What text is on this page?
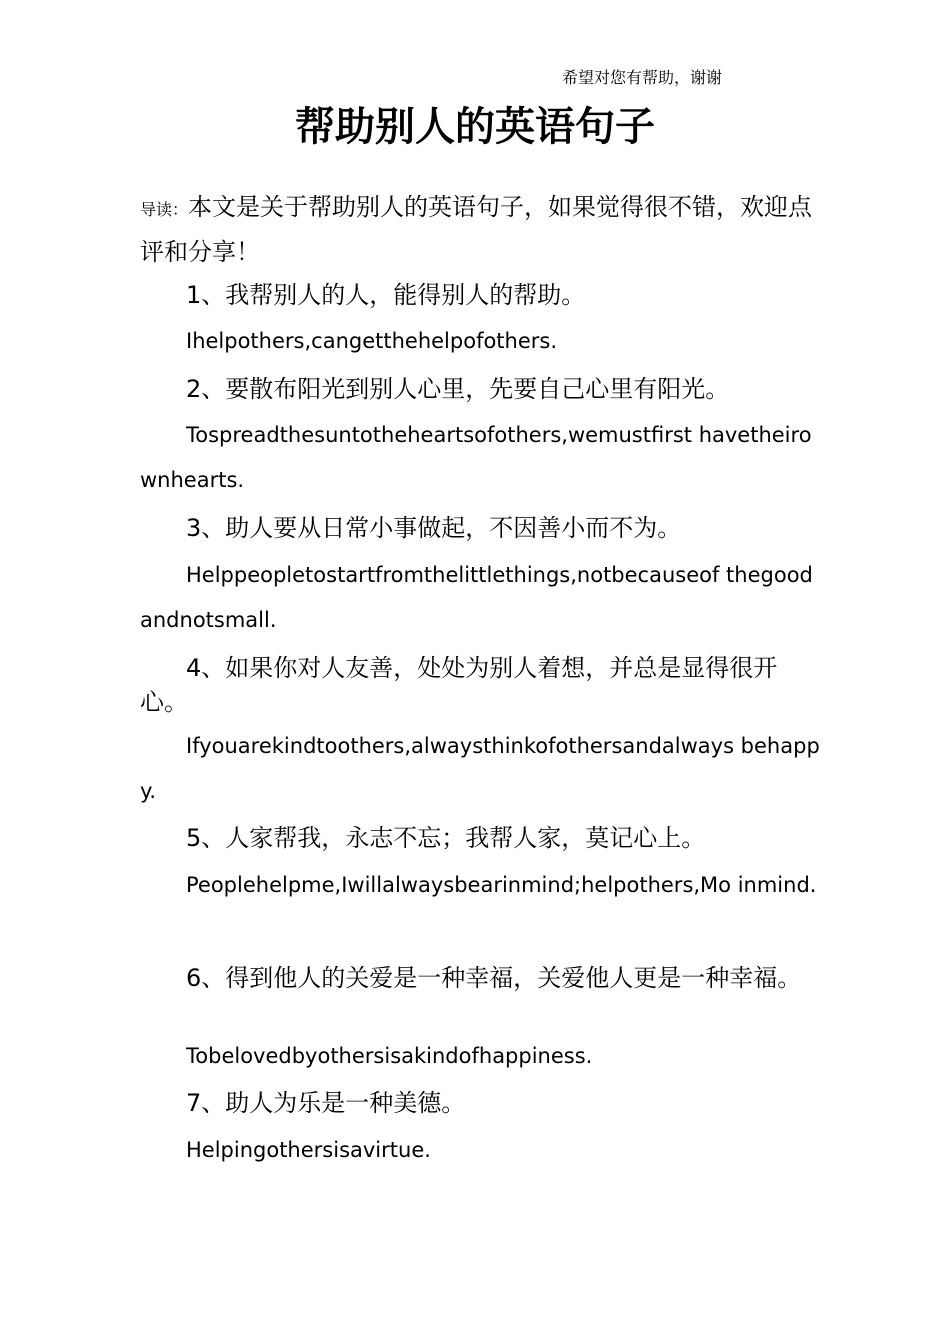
希望对您有帮助，谢谢
帮助别人的英语句子
导读：本文是关于帮助别人的英语句子，如果觉得很不错，欢迎点评和分享！
1、我帮别人的人，能得别人的帮助。
Ihelpothers,cangetthehelpofothers.
2、要散布阳光到别人心里，先要自己心里有阳光。
Tospreadthesuntotheheartsofothers,wemustfirst havetheirownhearts.
3、助人要从日常小事做起，不因善小而不为。
Helppeopletostartfromthelittlethings,notbecauseof thegoodandnotsmall.
4、如果你对人友善，处处为别人着想，并总是显得很开心。
Ifyouarekindtoothers,alwaysthinkofothersandalways behappy.
5、人家帮我，永志不忘；我帮人家，莫记心上。
Peoplehelpme,Iwillalwaysbearinmind;helpothers,Mo inmind.
6、得到他人的关爱是一种幸福，关爱他人更是一种幸福。
Tobelovedbyothersisakindofhappiness.
7、助人为乐是一种美德。
Helpingothersisavirtue.
